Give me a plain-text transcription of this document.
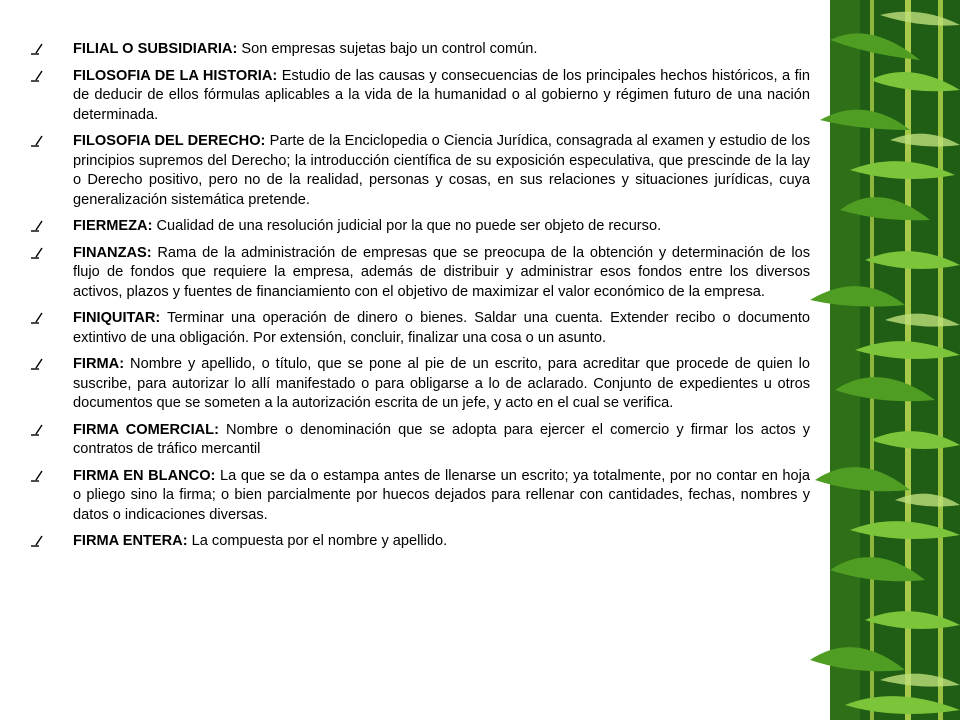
FILIAL O SUBSIDIARIA: Son empresas sujetas bajo un control común.
FILOSOFIA DE LA HISTORIA: Estudio de las causas y consecuencias de los principales hechos históricos, a fin de deducir de ellos fórmulas aplicables a la vida de la humanidad o al gobierno y régimen futuro de una nación determinada.
FILOSOFIA DEL DERECHO: Parte de la Enciclopedia o Ciencia Jurídica, consagrada al examen y estudio de los principios supremos del Derecho; la introducción científica de su exposición especulativa, que prescinde de la lay o Derecho positivo, pero no de la realidad, personas y cosas, en sus relaciones y situaciones jurídicas, cuya generalización sistemática pretende.
FIERMEZA: Cualidad de una resolución judicial por la que no puede ser objeto de recurso.
FINANZAS: Rama de la administración de empresas que se preocupa de la obtención y determinación de los flujo de fondos que requiere la empresa, además de distribuir y administrar esos fondos entre los diversos activos, plazos y fuentes de financiamiento con el objetivo de maximizar el valor económico de la empresa.
FINIQUITAR: Terminar una operación de dinero o bienes. Saldar una cuenta. Extender recibo o documento extintivo de una obligación. Por extensión, concluir, finalizar una cosa o un asunto.
FIRMA: Nombre y apellido, o título, que se pone al pie de un escrito, para acreditar que procede de quien lo suscribe, para autorizar lo allí manifestado o para obligarse a lo de aclarado. Conjunto de expedientes u otros documentos que se someten a la autorización escrita de un jefe, y acto en el cual se verifica.
FIRMA COMERCIAL: Nombre o denominación que se adopta para ejercer el comercio y firmar los actos y contratos de tráfico mercantil
FIRMA EN BLANCO: La que se da o estampa antes de llenarse un escrito; ya totalmente, por no contar en hoja o pliego sino la firma; o bien parcialmente por huecos dejados para rellenar con cantidades, fechas, nombres y datos o indicaciones diversas.
FIRMA ENTERA: La compuesta por el nombre y apellido.
